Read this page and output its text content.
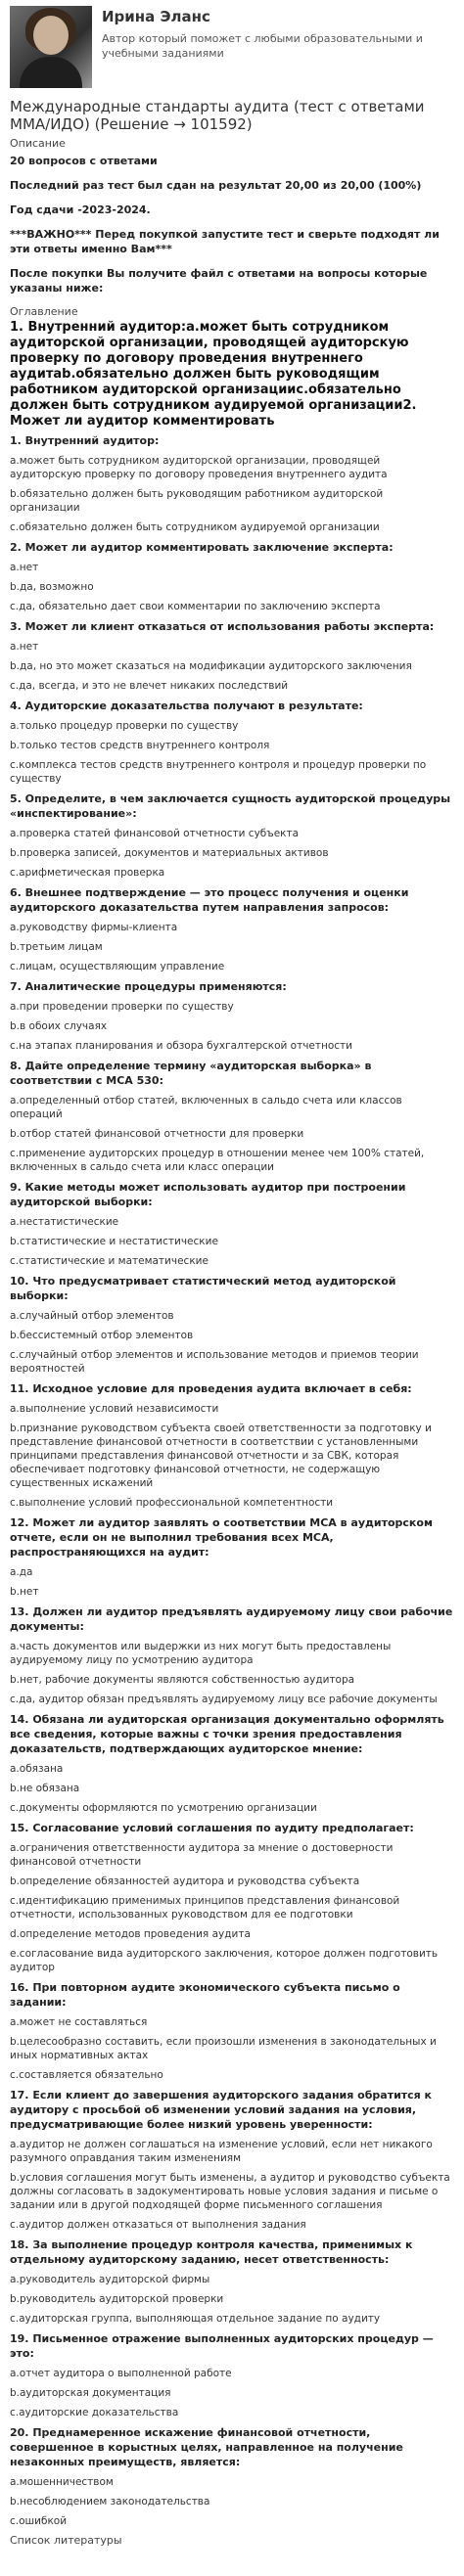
Ирина Эланс
Автор который поможет с любыми образовательными и учебными заданиями
Международные стандарты аудита (тест с ответами ММА/ИДО) (Решение → 101592)
Описание
20 вопросов с ответами
Последний раз тест был сдан на результат 20,00 из 20,00 (100%)
Год сдачи -2023-2024.
***ВАЖНО*** Перед покупкой запустите тест и сверьте подходят ли эти ответы именно Вам***
После покупки Вы получите файл с ответами на вопросы которые указаны ниже:
Оглавление
1. Внутренний аудитор:a.может быть сотрудником аудиторской организации, проводящей аудиторскую проверку по договору проведения внутреннего аудитаb.обязательно должен быть руководящим работником аудиторской организацииc.обязательно должен быть сотрудником аудируемой организации2. Может ли аудитор комментировать
1. Внутренний аудитор:
a.может быть сотрудником аудиторской организации, проводящей аудиторскую проверку по договору проведения внутреннего аудита
b.обязательно должен быть руководящим работником аудиторской организации
c.обязательно должен быть сотрудником аудируемой организации
2. Может ли аудитор комментировать заключение эксперта:
a.нет
b.да, возможно
c.да, обязательно дает свои комментарии по заключению эксперта
3. Может ли клиент отказаться от использования работы эксперта:
a.нет
b.да, но это может сказаться на модификации аудиторского заключения
c.да, всегда, и это не влечет никаких последствий
4. Аудиторские доказательства получают в результате:
a.только процедур проверки по существу
b.только тестов средств внутреннего контроля
c.комплекса тестов средств внутреннего контроля и процедур проверки по существу
5. Определите, в чем заключается сущность аудиторской процедуры «инспектирование»:
a.проверка статей финансовой отчетности субъекта
b.проверка записей, документов и материальных активов
c.арифметическая проверка
6. Внешнее подтверждение — это процесс получения и оценки аудиторского доказательства путем направления запросов:
a.руководству фирмы-клиента
b.третьим лицам
c.лицам, осуществляющим управление
7. Аналитические процедуры применяются:
a.при проведении проверки по существу
b.в обоих случаях
c.на этапах планирования и обзора бухгалтерской отчетности
8. Дайте определение термину «аудиторская выборка» в соответствии с МСА 530:
a.определенный отбор статей, включенных в сальдо счета или классов операций
b.отбор статей финансовой отчетности для проверки
c.применение аудиторских процедур в отношении менее чем 100% статей, включенных в сальдо счета или класс операции
9. Какие методы может использовать аудитор при построении аудиторской выборки:
a.нестатистические
b.статистические и нестатистические
c.статистические и математические
10. Что предусматривает статистический метод аудиторской выборки:
a.случайный отбор элементов
b.бессистемный отбор элементов
c.случайный отбор элементов и использование методов и приемов теории вероятностей
11. Исходное условие для проведения аудита включает в себя:
a.выполнение условий независимости
b.признание руководством субъекта своей ответственности за подготовку и представление финансовой отчетности в соответствии с установленными принципами представления финансовой отчетности и за СВК, которая обеспечивает подготовку финансовой отчетности, не содержащую существенных искажений
c.выполнение условий профессиональной компетентности
12. Может ли аудитор заявлять о соответствии МСА в аудиторском отчете, если он не выполнил требования всех МСА, распространяющихся на аудит:
a.да
b.нет
13. Должен ли аудитор предъявлять аудируемому лицу свои рабочие документы:
a.часть документов или выдержки из них могут быть предоставлены аудируемому лицу по усмотрению аудитора
b.нет, рабочие документы являются собственностью аудитора
c.да, аудитор обязан предъявлять аудируемому лицу все рабочие документы
14. Обязана ли аудиторская организация документально оформлять все сведения, которые важны с точки зрения предоставления доказательств, подтверждающих аудиторское мнение:
a.обязана
b.не обязана
c.документы оформляются по усмотрению организации
15. Согласование условий соглашения по аудиту предполагает:
a.ограничения ответственности аудитора за мнение о достоверности финансовой отчетности
b.определение обязанностей аудитора и руководства субъекта
c.идентификацию применимых принципов представления финансовой отчетности, использованных руководством для ее подготовки
d.определение методов проведения аудита
e.согласование вида аудиторского заключения, которое должен подготовить аудитор
16. При повторном аудите экономического субъекта письмо о задании:
a.может не составляться
b.целесообразно составить, если произошли изменения в законодательных и иных нормативных актах
c.составляется обязательно
17. Если клиент до завершения аудиторского задания обратится к аудитору с просьбой об изменении условий задания на условия, предусматривающие более низкий уровень уверенности:
a.аудитор не должен соглашаться на изменение условий, если нет никакого разумного оправдания таким изменениям
b.условия соглашения могут быть изменены, а аудитор и руководство субъекта должны согласовать в задокументировать новые условия задания и письме о задании или в другой подходящей форме письменного соглашения
c.аудитор должен отказаться от выполнения задания
18. За выполнение процедур контроля качества, применимых к отдельному аудиторскому заданию, несет ответственность:
a.руководитель аудиторской фирмы
b.руководитель аудиторской проверки
c.аудиторская группа, выполняющая отдельное задание по аудиту
19. Письменное отражение выполненных аудиторских процедур — это:
a.отчет аудитора о выполненной работе
b.аудиторская документация
c.аудиторские доказательства
20. Преднамеренное искажение финансовой отчетности, совершенное в корыстных целях, направленное на получение незаконных преимуществ, является:
a.мошенничеством
b.несоблюдением законодательства
c.ошибкой
Список литературы
